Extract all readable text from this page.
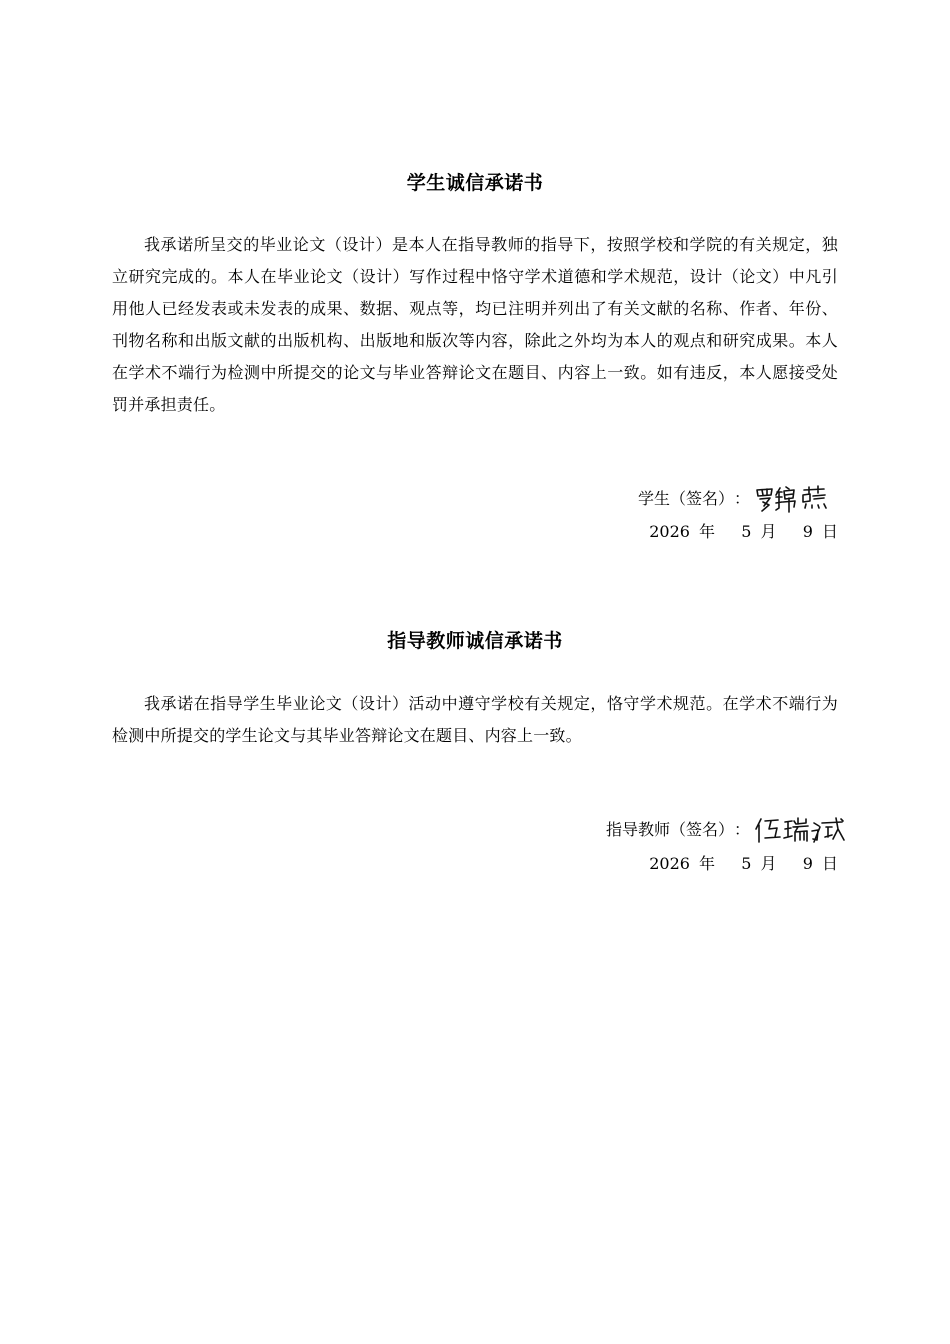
学生诚信承诺书

我承诺所呈交的毕业论文（设计）是本人在指导教师的指导下，按照学校和学院的有关规定，独立研究完成的。本人在毕业论文（设计）写作过程中恪守学术道德和学术规范，设计（论文）中凡引用他人已经发表或未发表的成果、数据、观点等，均已注明并列出了有关文献的名称、作者、年份、刊物名称和出版文献的出版机构、出版地和版次等内容，除此之外均为本人的观点和研究成果。本人在学术不端行为检测中所提交的论文与毕业答辩论文在题目、内容上一致。如有违反，本人愿接受处罚并承担责任。

学生（签名） ：
2026 年 5 月 9 日
指导教师诚信承诺书

我承诺在指导学生毕业论文（设计）活动中遵守学校有关规定，恪守学术规范。在学术不端行为检测中所提交的学生论文与其毕业答辩论文在题目、内容上一致。

指导教师（签名） ：
2026 年 5 月 9 日
